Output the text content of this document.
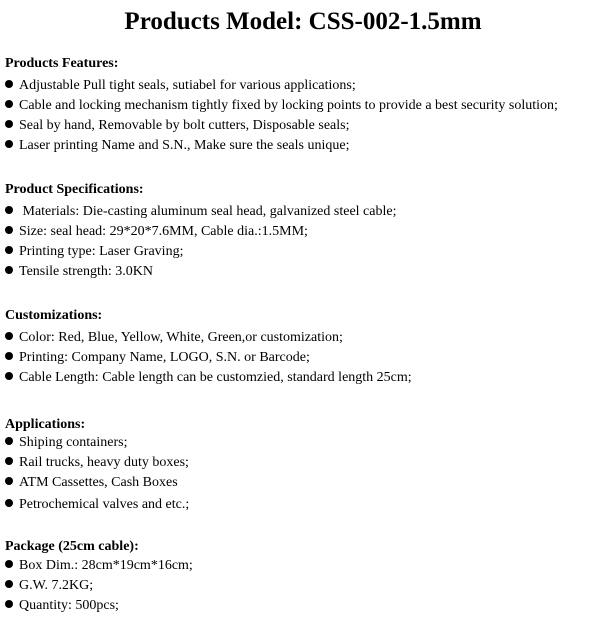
Products Model: CSS-002-1.5mm
Products Features:
Adjustable Pull tight seals, sutiabel for various applications;
Cable and locking mechanism tightly fixed by locking points to provide a best security solution;
Seal by hand, Removable by bolt cutters, Disposable seals;
Laser printing Name and S.N., Make sure the seals unique;
Product Specifications:
Materials: Die-casting aluminum seal head, galvanized steel cable;
Size: seal head: 29*20*7.6MM, Cable dia.:1.5MM;
Printing type: Laser Graving;
Tensile strength: 3.0KN
Customizations:
Color: Red, Blue, Yellow, White, Green,or customization;
Printing: Company Name, LOGO, S.N. or Barcode;
Cable Length: Cable length can be customzied, standard length 25cm;
Applications:
Shiping containers;
Rail trucks, heavy duty boxes;
ATM Cassettes, Cash Boxes
Petrochemical valves and etc.;
Package (25cm cable):
Box Dim.: 28cm*19cm*16cm;
G.W. 7.2KG;
Quantity: 500pcs;
